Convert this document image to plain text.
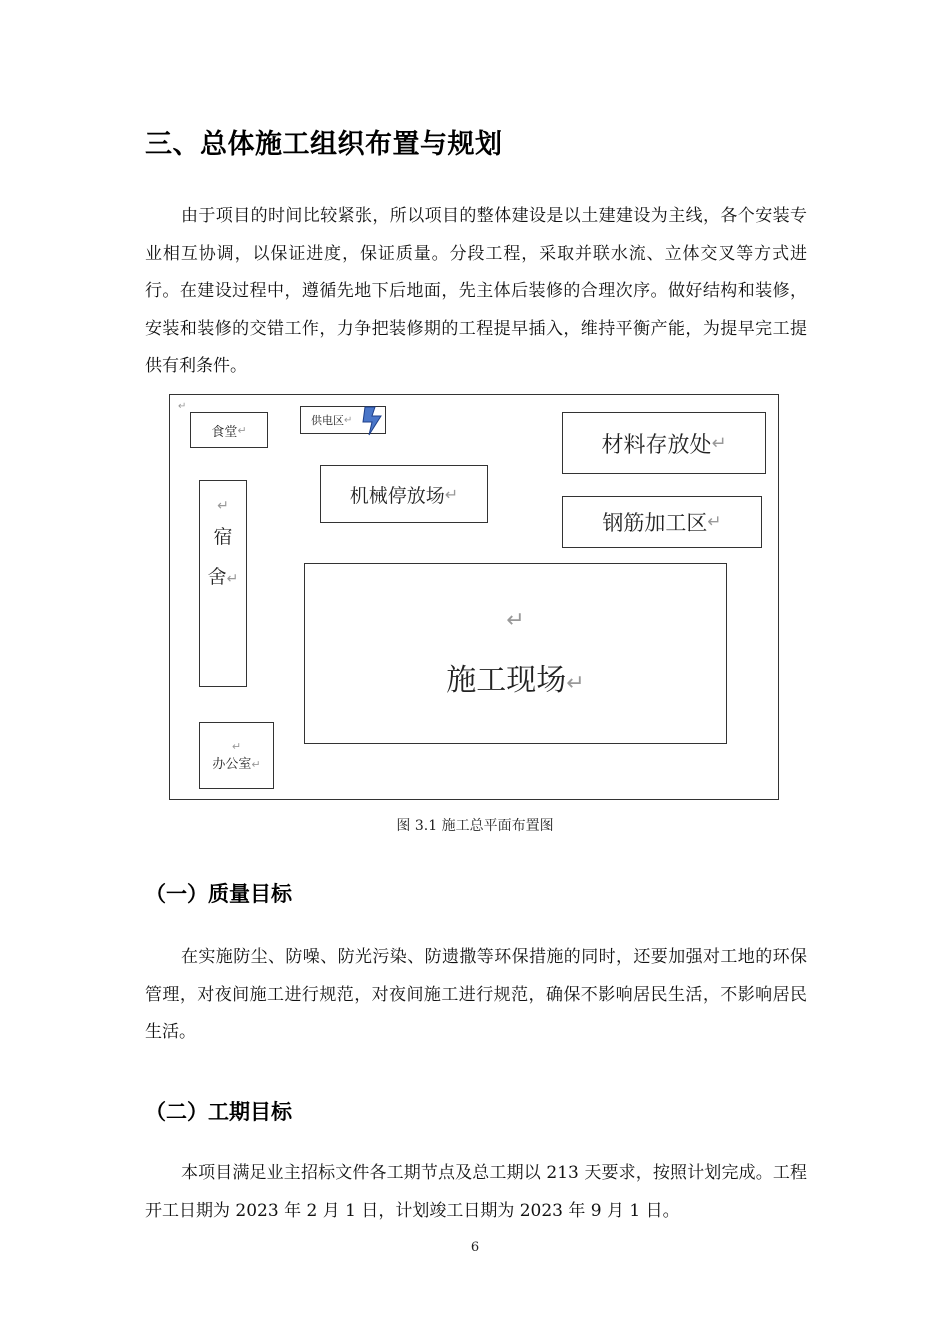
三、总体施工组织布置与规划

由于项目的时间比较紧张，所以项目的整体建设是以土建建设为主线，各个安装专业相互协调，以保证进度，保证质量。分段工程，采取并联水流、立体交叉等方式进行。在建设过程中，遵循先地下后地面，先主体后装修的合理次序。做好结构和装修，安装和装修的交错工作，力争把装修期的工程提早插入，维持平衡产能，为提早完工提供有利条件。

↵
食堂 ↵
供电区 ↵
材料存放处 ↵
机械停放场 ↵
钢筋加工区 ↵
↵
宿
舍↵
↵
施工现场↵
↵
办公室↵
图 3.1 施工总平面布置图
（一）质量目标

在实施防尘、防噪、防光污染、防遗撒等环保措施的同时，还要加强对工地的环保管理，对夜间施工进行规范，对夜间施工进行规范，确保不影响居民生活，不影响居民生活。

（二）工期目标

本项目满足业主招标文件各工期节点及总工期以 213 天要求，按照计划完成。工程开工日期为 2023 年 2 月 1 日，计划竣工日期为 2023 年 9 月 1 日。

6
